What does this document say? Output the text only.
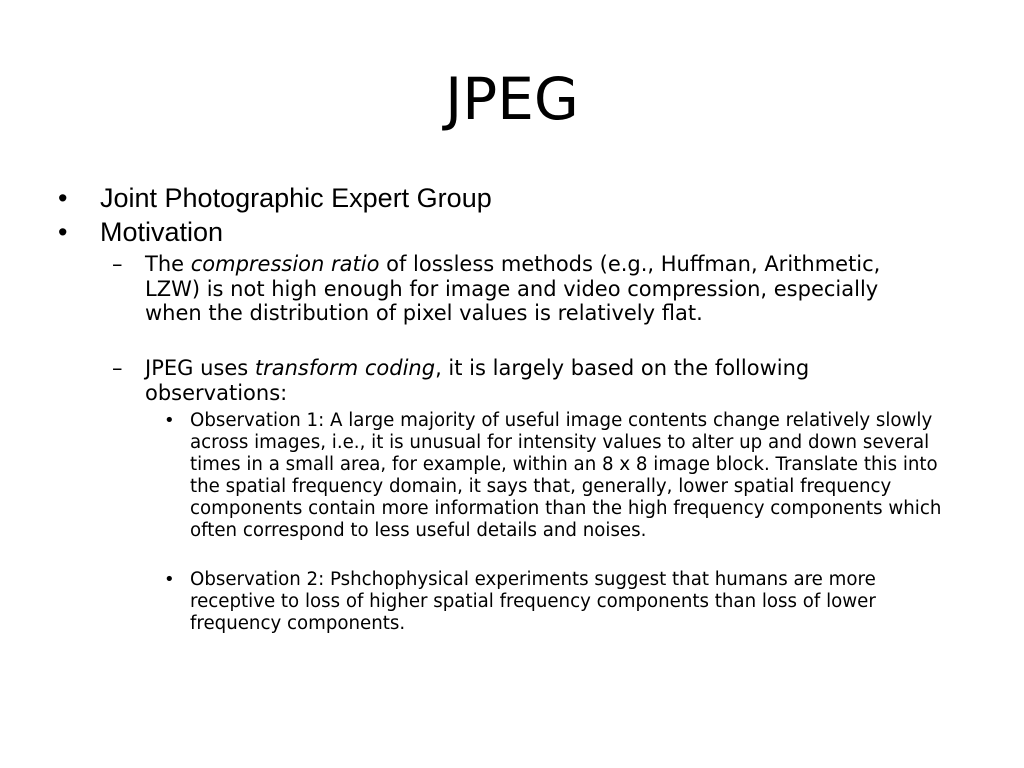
JPEG
• Joint Photographic Expert Group
• Motivation
– The compression ratio of lossless methods (e.g., Huffman, Arithmetic, LZW) is not high enough for image and video compression, especially when the distribution of pixel values is relatively flat.
– JPEG uses transform coding, it is largely based on the following observations:
• Observation 1: A large majority of useful image contents change relatively slowly across images, i.e., it is unusual for intensity values to alter up and down several times in a small area, for example, within an 8 x 8 image block. Translate this into the spatial frequency domain, it says that, generally, lower spatial frequency components contain more information than the high frequency components which often correspond to less useful details and noises.
• Observation 2: Pshchophysical experiments suggest that humans are more receptive to loss of higher spatial frequency components than loss of lower frequency components.
